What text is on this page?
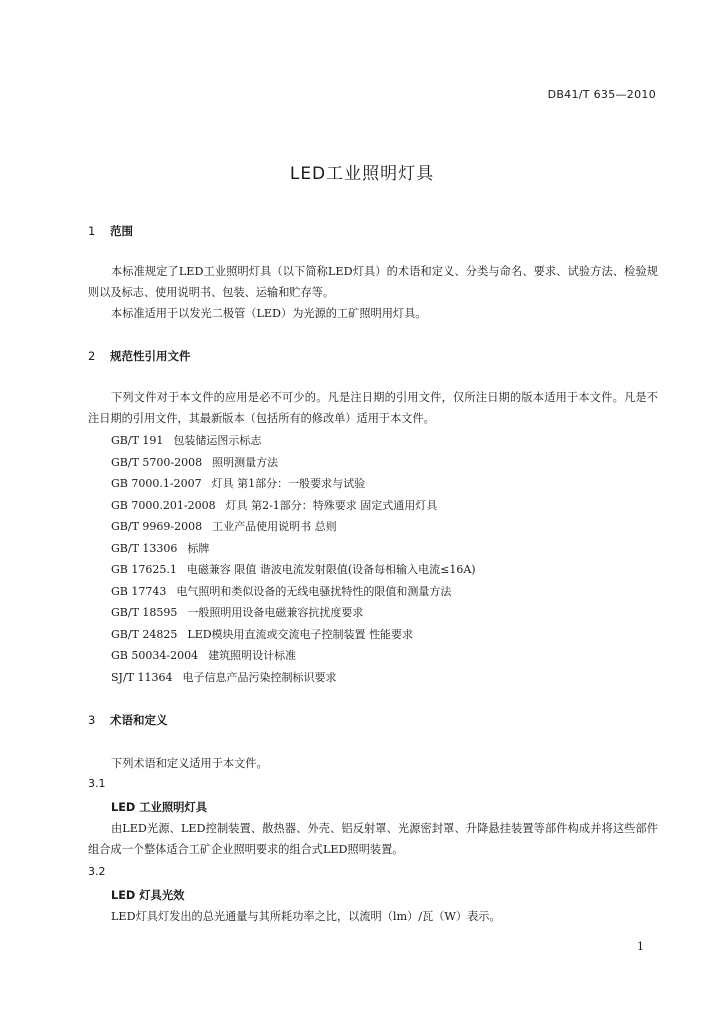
DB41/T 635—2010
LED工业照明灯具
1 范围

本标准规定了LED工业照明灯具（以下简称LED灯具）的术语和定义、分类与命名、要求、试验方法、检验规则以及标志、使用说明书、包装、运输和贮存等。

本标准适用于以发光二极管（LED）为光源的工矿照明用灯具。

2 规范性引用文件

下列文件对于本文件的应用是必不可少的。凡是注日期的引用文件，仅所注日期的版本适用于本文件。凡是不注日期的引用文件，其最新版本（包括所有的修改单）适用于本文件。

GB/T 191 包装储运图示标志
GB/T 5700-2008 照明测量方法
GB 7000.1-2007 灯具 第1部分：一般要求与试验
GB 7000.201-2008 灯具 第2-1部分：特殊要求 固定式通用灯具
GB/T 9969-2008 工业产品使用说明书 总则
GB/T 13306 标牌
GB 17625.1 电磁兼容 限值 谐波电流发射限值(设备每相输入电流≤16A)
GB 17743 电气照明和类似设备的无线电骚扰特性的限值和测量方法
GB/T 18595 一般照明用设备电磁兼容抗扰度要求
GB/T 24825 LED模块用直流或交流电子控制装置 性能要求
GB 50034-2004 建筑照明设计标准
SJ/T 11364 电子信息产品污染控制标识要求
3 术语和定义

下列术语和定义适用于本文件。

3.1
LED 工业照明灯具

由LED光源、LED控制装置、散热器、外壳、铝反射罩、光源密封罩、升降悬挂装置等部件构成并将这些部件组合成一个整体适合工矿企业照明要求的组合式LED照明装置。

3.2
LED 灯具光效

LED灯具灯发出的总光通量与其所耗功率之比，以流明（lm）/瓦（W）表示。

1
